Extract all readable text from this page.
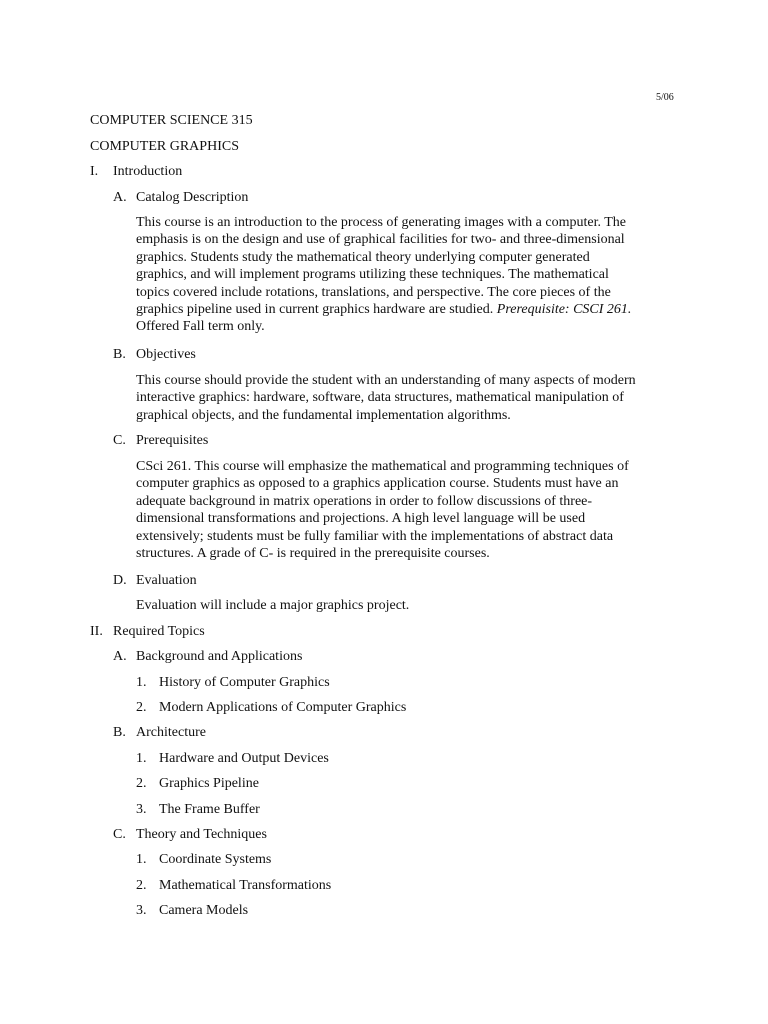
5/06
COMPUTER SCIENCE 315
COMPUTER GRAPHICS
I. Introduction
A. Catalog Description

This course is an introduction to the process of generating images with a computer. The

emphasis is on the design and use of graphical facilities for two- and three-dimensional

graphics. Students study the mathematical theory underlying computer generated

graphics, and will implement programs utilizing these techniques. The mathematical

topics covered include rotations, translations, and perspective. The core pieces of the

graphics pipeline used in current graphics hardware are studied. Prerequisite: CSCI 261.

Offered Fall term only.

B. Objectives

This course should provide the student with an understanding of many aspects of modern

interactive graphics: hardware, software, data structures, mathematical manipulation of

graphical objects, and the fundamental implementation algorithms.

C. Prerequisites

CSci 261. This course will emphasize the mathematical and programming techniques of

computer graphics as opposed to a graphics application course. Students must have an

adequate background in matrix operations in order to follow discussions of three-

dimensional transformations and projections. A high level language will be used

extensively; students must be fully familiar with the implementations of abstract data

structures. A grade of C- is required in the prerequisite courses.

D. Evaluation
Evaluation will include a major graphics project.
II. Required Topics
A. Background and Applications
1. History of Computer Graphics
2. Modern Applications of Computer Graphics
B. Architecture
1. Hardware and Output Devices
2. Graphics Pipeline
3. The Frame Buffer
C. Theory and Techniques
1. Coordinate Systems
2. Mathematical Transformations
3. Camera Models
